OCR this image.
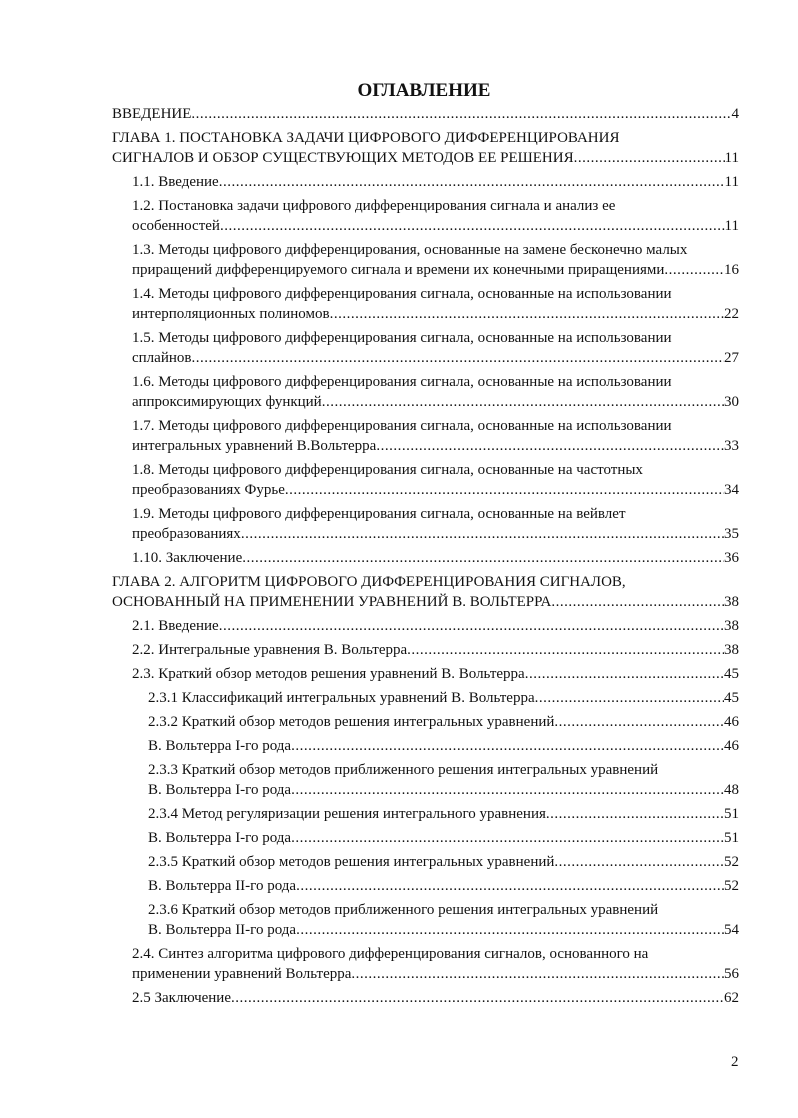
ОГЛАВЛЕНИЕ
ВВЕДЕНИЕ .....	4
ГЛАВА 1. ПОСТАНОВКА ЗАДАЧИ ЦИФРОВОГО ДИФФЕРЕНЦИРОВАНИЯ
СИГНАЛОВ И ОБЗОР СУЩЕСТВУЮЩИХ МЕТОДОВ ЕЕ РЕШЕНИЯ .....	11
1.1. Введение .....	11
1.2. Постановка задачи цифрового дифференцирования сигнала и анализ ее
особенностей .....	11
1.3. Методы цифрового дифференцирования, основанные на замене бесконечно малых
приращений дифференцируемого сигнала и времени их конечными приращениями .....	16
1.4. Методы цифрового дифференцирования сигнала, основанные на использовании
интерполяционных полиномов .....	22
1.5. Методы цифрового дифференцирования сигнала, основанные на использовании
сплайнов .....	27
1.6. Методы цифрового дифференцирования сигнала, основанные на использовании
аппроксимирующих функций .....	30
1.7. Методы цифрового дифференцирования сигнала, основанные на использовании
интегральных уравнений В.Вольтерра .....	33
1.8. Методы цифрового дифференцирования сигнала, основанные на частотных
преобразованиях Фурье .....	34
1.9. Методы цифрового дифференцирования сигнала, основанные на вейвлет
преобразованиях .....	35
1.10. Заключение .....	36
ГЛАВА 2. АЛГОРИТМ ЦИФРОВОГО ДИФФЕРЕНЦИРОВАНИЯ СИГНАЛОВ,
ОСНОВАННЫЙ НА ПРИМЕНЕНИИ УРАВНЕНИЙ В. ВОЛЬТЕРРА .....	38
2.1. Введение .....	38
2.2. Интегральные уравнения В. Вольтерра .....	38
2.3. Краткий обзор методов решения уравнений В. Вольтерра .....	45
2.3.1 Классификаций интегральных уравнений В. Вольтерра .....	45
2.3.2 Краткий обзор методов решения интегральных уравнений .....	46
В. Вольтерра I-го рода .....	46
2.3.3 Краткий обзор методов приближенного решения интегральных уравнений
В. Вольтерра I-го рода .....	48
2.3.4 Метод регуляризации решения интегрального уравнения .....	51
В. Вольтерра I-го рода .....	51
2.3.5 Краткий обзор методов решения интегральных уравнений .....	52
В. Вольтерра II-го рода .....	52
2.3.6 Краткий обзор методов приближенного решения интегральных уравнений
В. Вольтерра II-го рода .....	54
2.4. Синтез алгоритма цифрового дифференцирования сигналов, основанного на
применении уравнений Вольтерра .....	56
2.5 Заключение .....	62
2
